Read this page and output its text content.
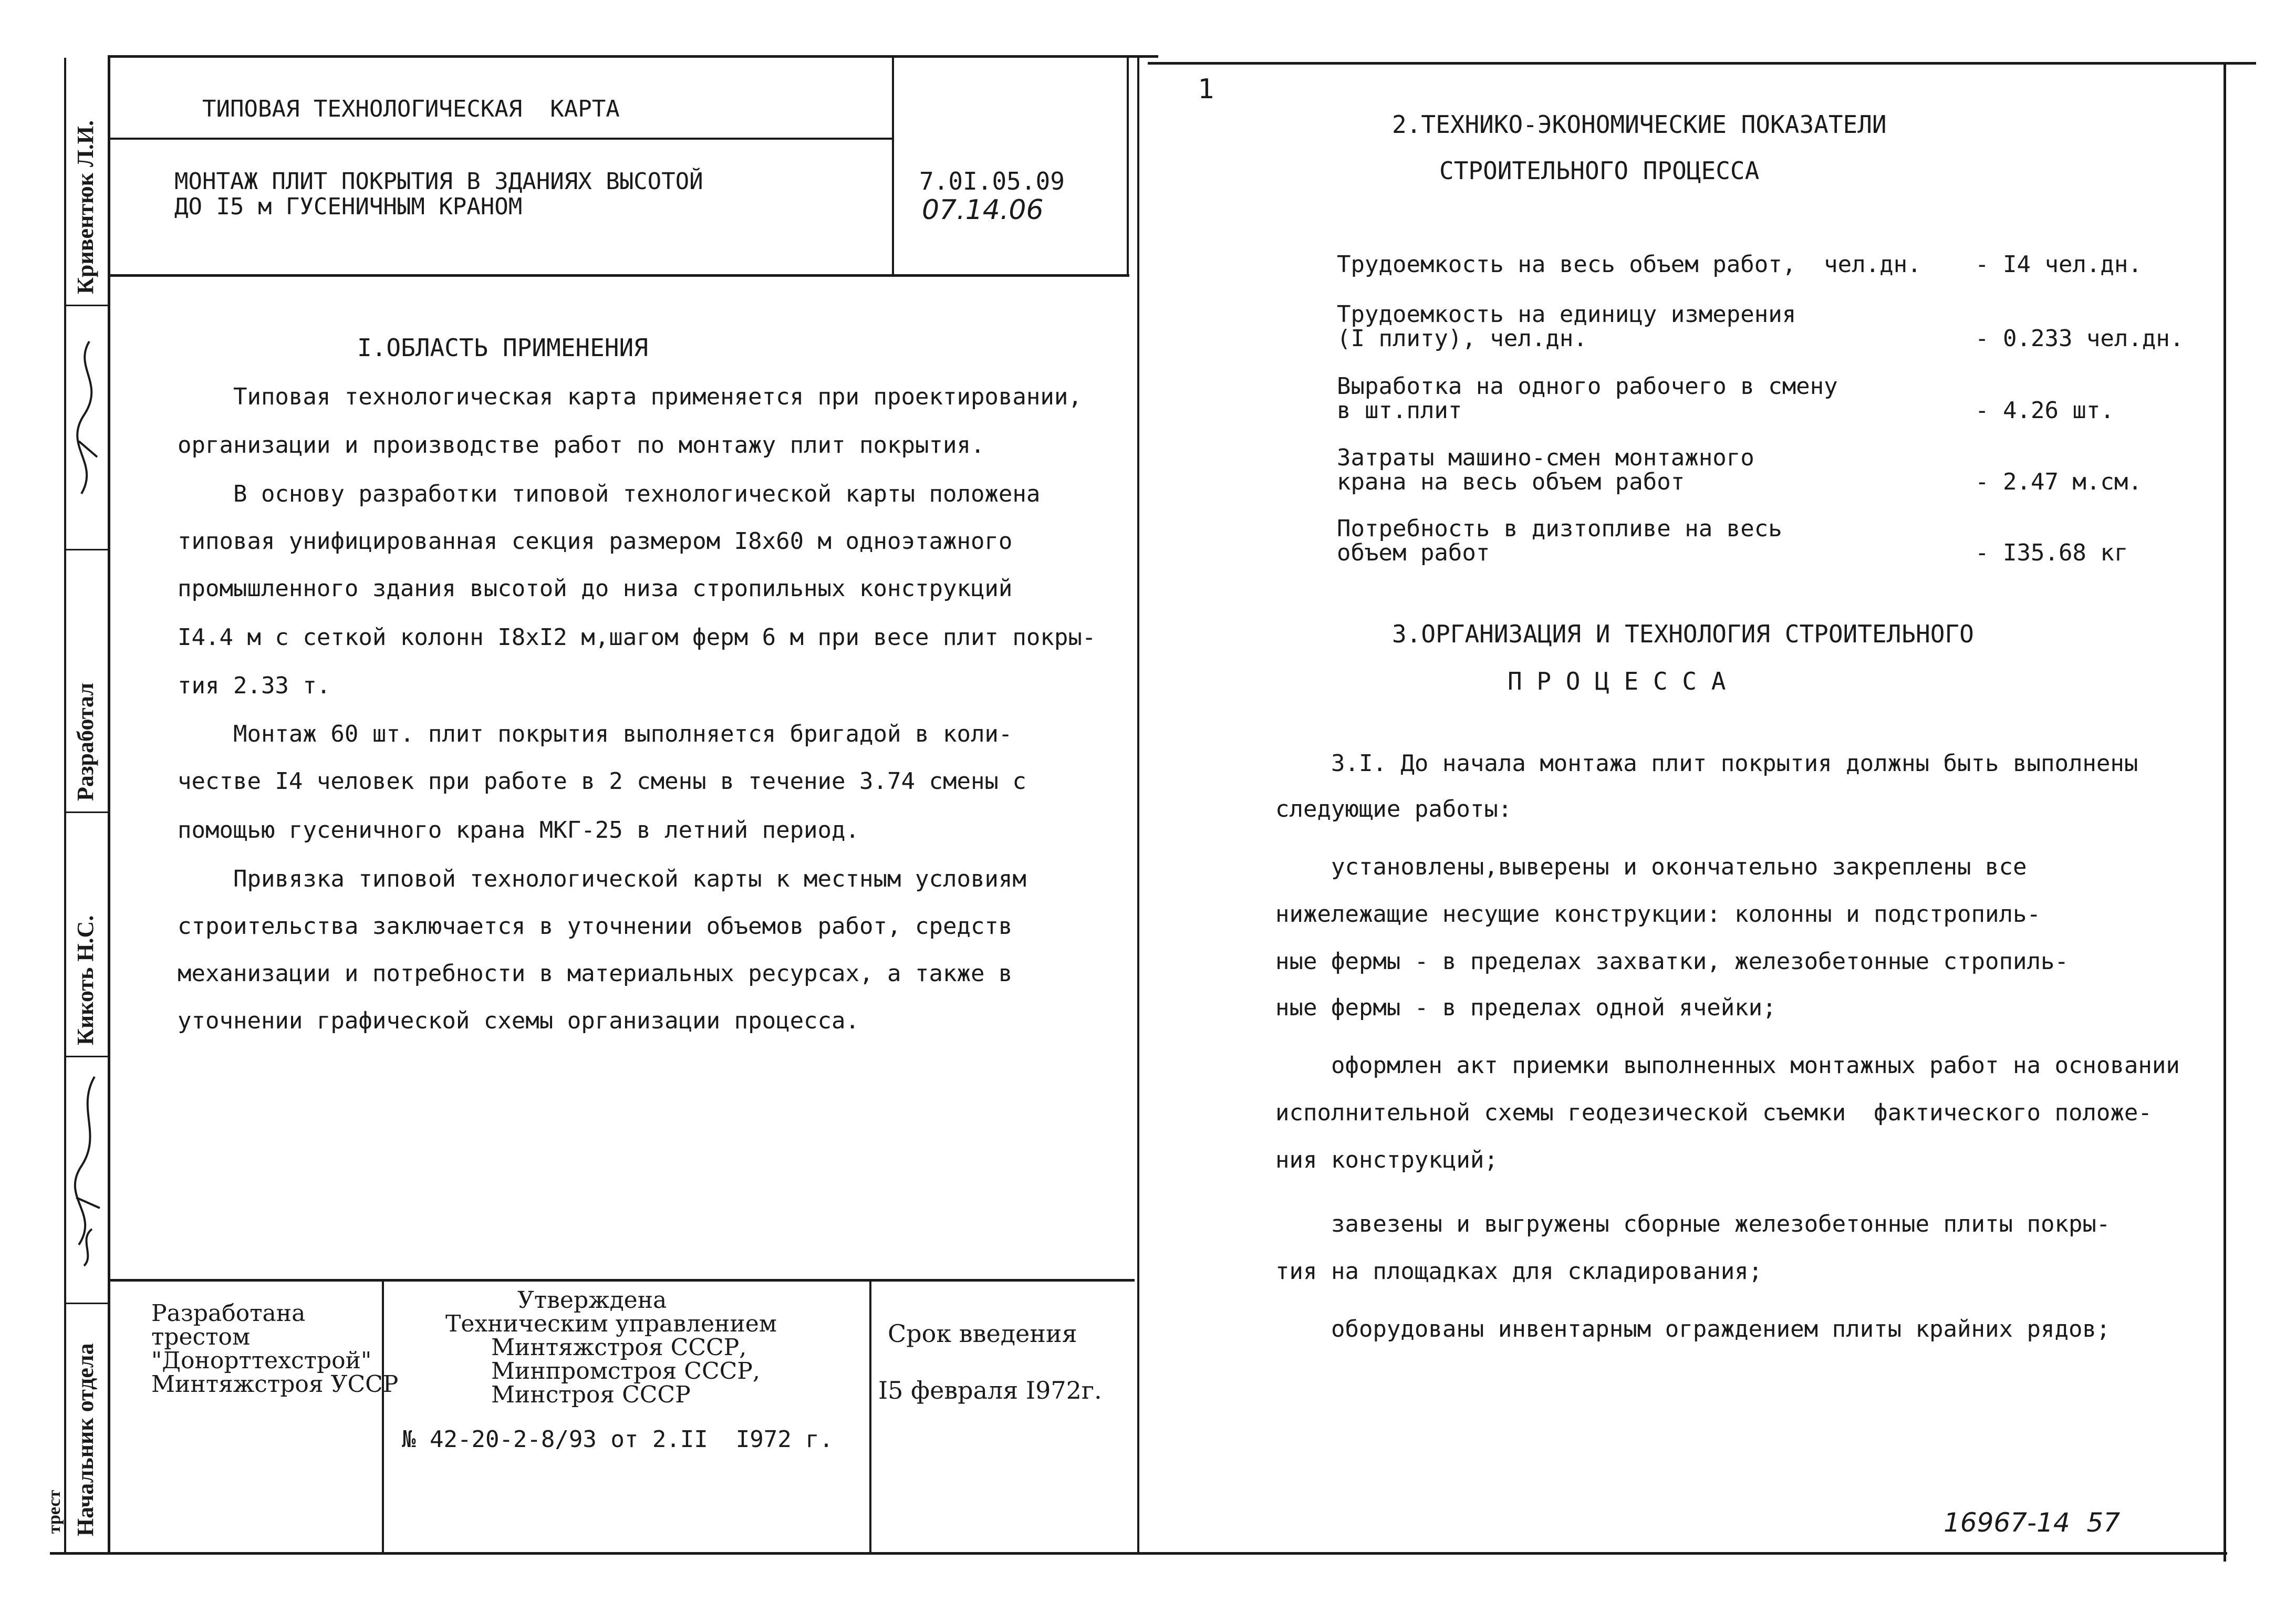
Кривентюк Л.И.
Разработал
Кикоть Н.С.
Начальник отдела
трест
ТИПОВАЯ ТЕХНОЛОГИЧЕСКАЯ  КАРТА
МОНТАЖ ПЛИТ ПОКРЫТИЯ В ЗДАНИЯХ ВЫСОТОЙ
ДО I5 м ГУСЕНИЧНЫМ КРАНОМ
7.0I.05.09
07.14.06
I.ОБЛАСТЬ ПРИМЕНЕНИЯ
Типовая технологическая карта применяется при проектировании,
организации и производстве работ по монтажу плит покрытия.
В основу разработки типовой технологической карты положена
типовая унифицированная секция размером I8x60 м одноэтажного
промышленного здания высотой до низа стропильных конструкций
I4.4 м с сеткой колонн I8xI2 м,шагом ферм 6 м при весе плит покры-
тия 2.33 т.
Монтаж 60 шт. плит покрытия выполняется бригадой в коли-
честве I4 человек при работе в 2 смены в течение 3.74 смены с
помощью гусеничного крана МКГ-25 в летний период.
Привязка типовой технологической карты к местным условиям
строительства заключается в уточнении объемов работ, средств
механизации и потребности в материальных ресурсах, а также в
уточнении графической схемы организации процесса.
Разработана
трестом
"Донорттехстрой"
Минтяжстроя УССР
Утверждена
Техническим управлением
Минтяжстроя СССР,
Минпромстроя СССР,
Минстроя СССР
№ 42-20-2-8/93 от 2.II  I972 г.
Срок введения
I5 февраля I972г.
1
2.ТЕХНИКО-ЭКОНОМИЧЕСКИЕ ПОКАЗАТЕЛИ
СТРОИТЕЛЬНОГО ПРОЦЕССА
Трудоемкость на весь объем работ,  чел.дн. - I4 чел.дн.
Трудоемкость на единицу измерения
(I плиту), чел.дн.	- 0.233 чел.дн.
Выработка на одного рабочего в смену
в шт.плит	- 4.26 шт.
Затраты машино-смен монтажного
крана на весь объем работ	- 2.47 м.см.
Потребность в дизтопливе на весь
объем работ	- I35.68 кг
3.ОРГАНИЗАЦИЯ И ТЕХНОЛОГИЯ СТРОИТЕЛЬНОГО
П Р О Ц Е С С А
3.I. До начала монтажа плит покрытия должны быть выполнены
следующие работы:
установлены,выверены и окончательно закреплены все
нижележащие несущие конструкции: колонны и подстропиль-
ные фермы - в пределах захватки, железобетонные стропиль-
ные фермы - в пределах одной ячейки;
оформлен акт приемки выполненных монтажных работ на основании
исполнительной схемы геодезической съемки  фактического положе-
ния конструкций;
завезены и выгружены сборные железобетонные плиты покры-
тия на площадках для складирования;
оборудованы инвентарным ограждением плиты крайних рядов;
16967-14  57
